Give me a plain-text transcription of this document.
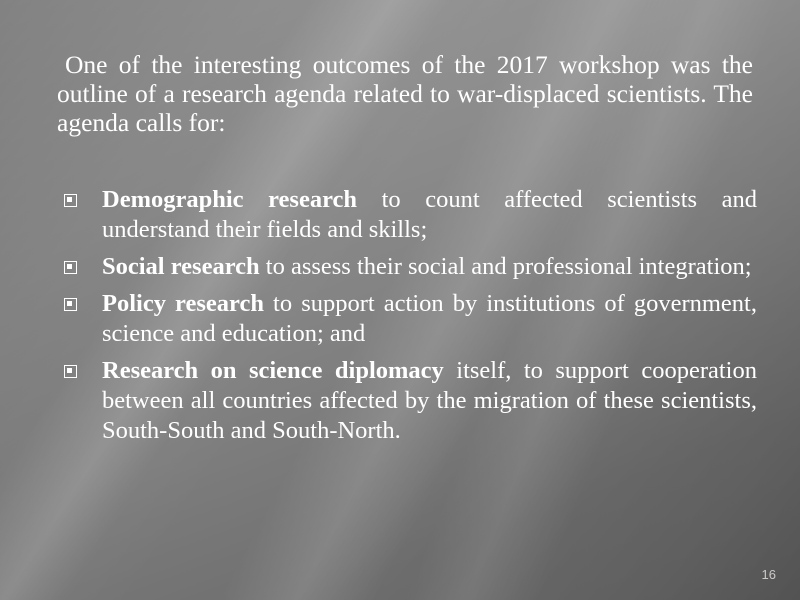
One of the interesting outcomes of the 2017 workshop was the outline of a research agenda related to war-displaced scientists. The agenda calls for:
Demographic research to count affected scientists and understand their fields and skills;
Social research to assess their social and professional integration;
Policy research to support action by institutions of government, science and education; and
Research on science diplomacy itself, to support cooperation between all countries affected by the migration of these scientists, South-South and South-North.
16
